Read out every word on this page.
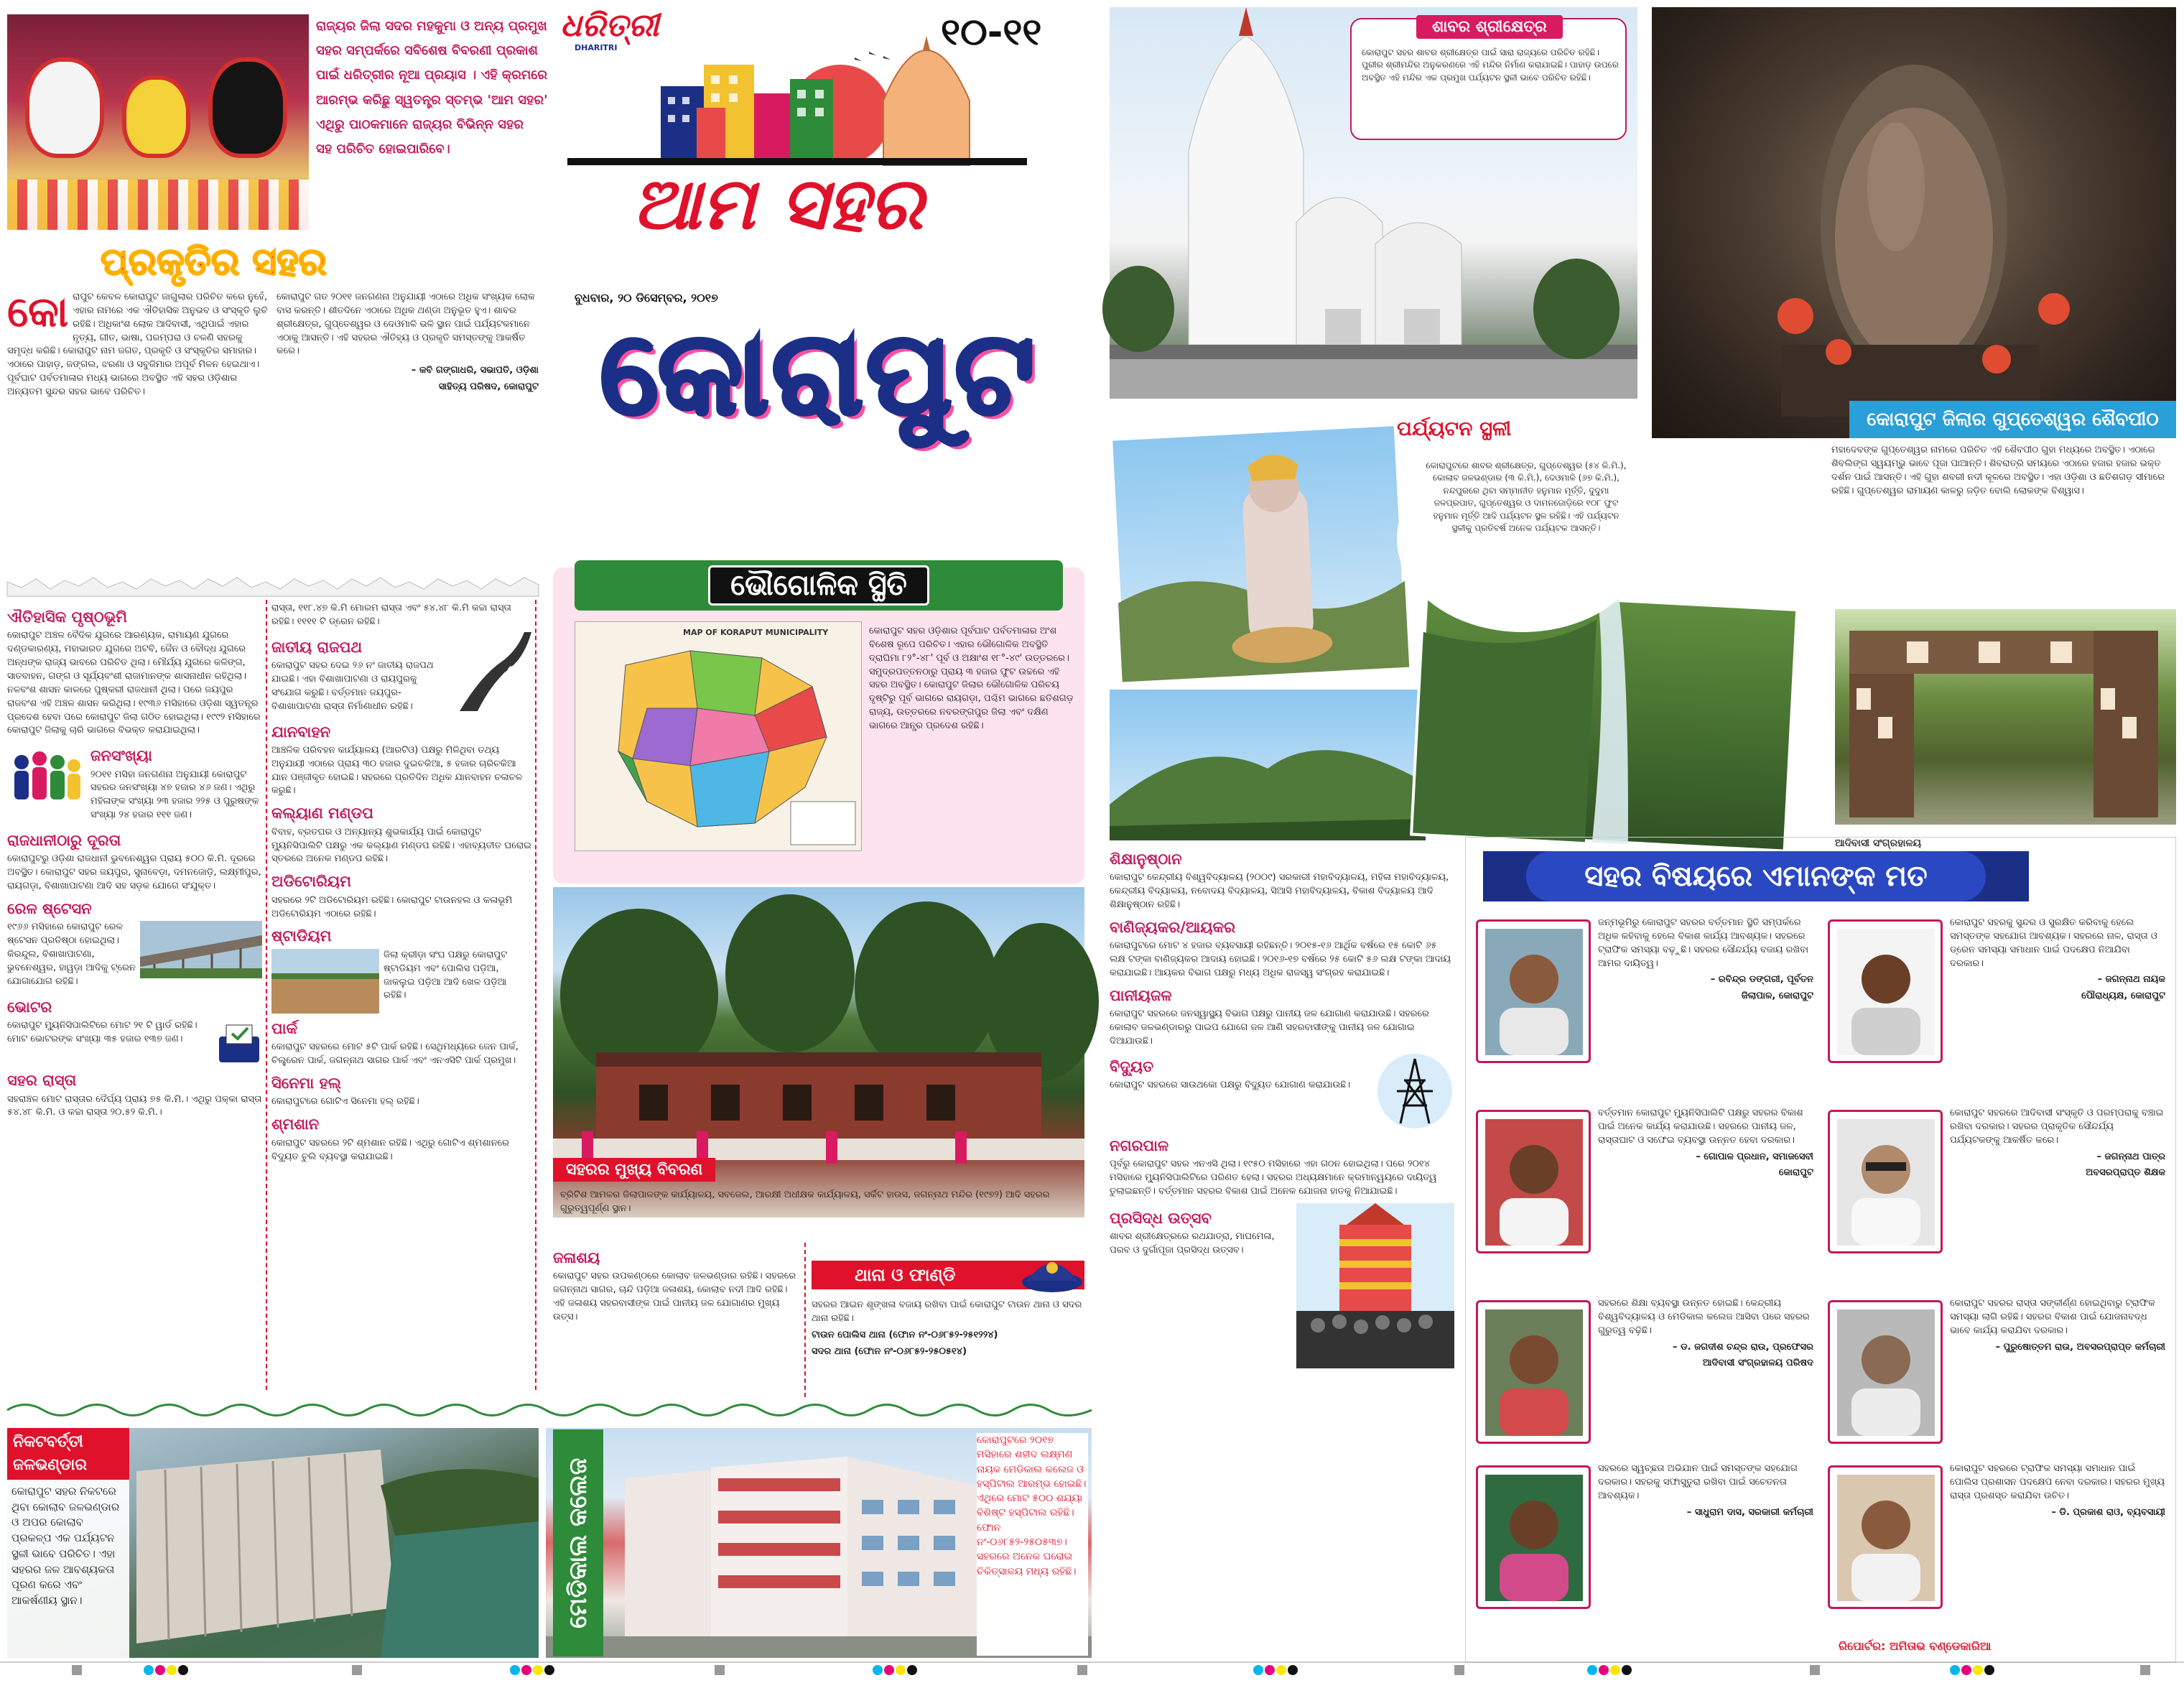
ରାଜ୍ୟର ଜିଲା ସଦର ମହକୁମା ଓ ଅନ୍ୟ ପ୍ରମୁଖ
ସହର ସମ୍ପର୍କରେ ସବିଶେଷ ବିବରଣୀ ପ୍ରକାଶ
ପାଇଁ ଧରିତ୍ରୀର ନୂଆ ପ୍ରୟାସ । ଏହି କ୍ରମରେ
ଆରମ୍ଭ କରିଛୁ ସ୍ୱତନ୍ତ୍ର ସ୍ତମ୍ଭ 'ଆମ ସହର'
ଏଥିରୁ ପାଠକମାନେ ରାଜ୍ୟର ବିଭିନ୍ନ ସହର
ସହ ପରିଚିତ ହୋଇପାରିବେ।
ପ୍ରକୃତିର ସହର
କୋରାପୁଟ କେବଳ କୋରାପୁଟ ଜାଗୁଲାର ପରିଚିତ କରେ ନୁହେଁ, ଏହାର ନାମରେ ଏକ ଐତିହାସିକ ଅନୁଭବ ଓ ସଂସ୍କୃତି ଲୁଚି ରହିଛି। ଅଧିକାଂଶ ଲୋକ ଆଦିବାସୀ, ଏଥିପାଇଁ ଏହାର ନୃତ୍ୟ, ଗୀତ, ଭାଷା, ପରମ୍ପରା ଓ ଚଳଣି ସହରକୁ ସମୃଦ୍ଧ କରିଛି। କୋରାପୁଟ ନାମ ଜଗତ, ପ୍ରକୃତି ଓ ସଂସ୍କୃତିର ସମାହାର। ଏଠାରେ ପାହାଡ଼, ଜଙ୍ଗଲ, ଝରଣା ଓ ସବୁଜିମାର ଅପୂର୍ବ ମିଳନ ହେଇଥାଏ। ପୂର୍ବଘାଟ ପର୍ବତମାଳାର ମଧ୍ୟ ଭାଗରେ ଅବସ୍ଥିତ ଏହି ସହର ଓଡ଼ିଶାର ଅନ୍ୟତମ ସୁନ୍ଦର ସହର ଭାବେ ପରିଚିତ।

କୋରାପୁଟ ଗତ ୨୦୧୧ ଜନଗଣନା ଅନୁଯାୟୀ ଏଠାରେ ଅଧିକ ସଂଖ୍ୟକ ଲୋକ ବାସ କରନ୍ତି। ଶୀତଦିନେ ଏଠାରେ ଅଧିକ ଥଣ୍ଡା ଅନୁଭୂତ ହୁଏ। ଶାବର ଶ୍ରୀକ୍ଷେତ୍ର, ଗୁପ୍ତେଶ୍ୱର ଓ ଦେଓମାଳି ଭଳି ସ୍ଥାନ ପାଇଁ ପର୍ଯ୍ୟଟକମାନେ ଏଠାକୁ ଆସନ୍ତି। ଏହି ସହରର ଐତିହ୍ୟ ଓ ପ୍ରକୃତି ସମସ୍ତଙ୍କୁ ଆକର୍ଷିତ କରେ।

– କବି ଗଙ୍ଗାଧରି, ସଭାପତି, ଓଡ଼ିଶା

ସାହିତ୍ୟ ପରିଷଦ, କୋରାପୁଟ

ଧରିତ୍ରୀ
DHARITRI	୧୦-୧୧
ଆମ ସହର
ବୁଧବାର, ୨୦ ଡିସେମ୍ବର, ୨୦୧୭
କୋରାପୁଟ
ଐତିହାସିକ ପୃଷ୍ଠଭୂମି

କୋରାପୁଟ ଅଞ୍ଚଳ ବୈଦିକ ଯୁଗରେ ଆରଣ୍ୟକ, ରାମାୟଣ ଯୁଗରେ ଦଣ୍ଡକାରଣ୍ୟ, ମହାଭାରତ ଯୁଗରେ ଅଟବି, ଜୈନ ଓ ବୌଦ୍ଧ ଯୁଗରେ ଅନ୍ଧଙ୍କ ରାଜ୍ୟ ଭାବରେ ପରିଚିତ ଥିଲା। ମୌର୍ଯ୍ୟ ଯୁଗରେ କଳିଙ୍ଗ, ସାତବାହନ, ଗଙ୍ଗ ଓ ସୂର୍ଯ୍ୟବଂଶୀ ରାଜାମାନଙ୍କ ଶାସନାଧୀନ ରହିଥିଲା। ନଳବଂଶ ଶାସନ କାଳରେ ପୁଷ୍କରୀ ରାଜଧାନୀ ଥିଲା। ପରେ ଜୟପୁର ରାଜବଂଶ ଏହି ଅଞ୍ଚଳ ଶାସନ କରିଥିଲା। ୧୯୩୬ ମସିହାରେ ଓଡ଼ିଶା ସ୍ୱତନ୍ତ୍ର ପ୍ରଦେଶ ହେବା ପରେ କୋରାପୁଟ ଜିଲା ଗଠିତ ହୋଇଥିଲା। ୧୯୯୨ ମସିହାରେ କୋରାପୁଟ ଜିଲାକୁ ଚାରି ଭାଗରେ ବିଭକ୍ତ କରାଯାଇଥିଲା।

ଜନସଂଖ୍ୟା

୨୦୧୧ ମସିହା ଜନଗଣନା ଅନୁଯାୟୀ କୋରାପୁଟ ସହରର ଜନସଂଖ୍ୟା ୪୭ ହଜାର ୪୬ ଜଣ। ଏଥିରୁ ମହିଳାଙ୍କ ସଂଖ୍ୟା ୨୩ ହଜାର ୨୨୫ ଓ ପୁରୁଷଙ୍କ ସଂଖ୍ୟା ୨୪ ହଜାର ୧୧୧ ଜଣ।

ରାଜଧାନୀଠାରୁ ଦୂରତା

କୋରାପୁଟରୁ ଓଡ଼ିଶା ରାଜଧାନୀ ଭୁବନେଶ୍ୱର ପ୍ରାୟ ୫୦୦ କି.ମି. ଦୂରରେ ଅବସ୍ଥିତ। କୋରାପୁଟ ସହର ଜୟପୁର, ସୁନାବେଡ଼ା, ଦମନଜୋଡ଼ି, ଲକ୍ଷ୍ମୀପୁର, ରାୟଗଡ଼ା, ବିଶାଖାପାଟଣା ଆଦି ସହ ସଡ଼କ ଯୋଗେ ସଂଯୁକ୍ତ।

ରେଳ ଷ୍ଟେସନ

୧୯୬୬ ମସିହାରେ କୋରାପୁଟ ରେଳ ଷ୍ଟେସନ ପ୍ରତିଷ୍ଠା ହୋଇଥିଲା। କିରନ୍ଦୁଲ, ବିଶାଖାପାଟଣା, ଭୁବନେଶ୍ୱର, ହାୱଡ଼ା ଆଦିକୁ ଟ୍ରେନ ଯୋଗାଯୋଗ ରହିଛି।

ଭୋଟର

କୋରାପୁଟ ମ୍ୟୁନିସିପାଲିଟିରେ ମୋଟ ୨୧ ଟି ୱାର୍ଡ ରହିଛି। ମୋଟ ଭୋଟରଙ୍କ ସଂଖ୍ୟା ୩୫ ହଜାର ୧୩୭ ଜଣ।

ସହର ରାସ୍ତା

ସହରାଞ୍ଚଳ ମୋଟ ରାସ୍ତାର ଦୈର୍ଘ୍ୟ ପ୍ରାୟ ୭୫ କି.ମି.। ଏଥିରୁ ପକ୍କା ରାସ୍ତା ୫୪.୪୮ କି.ମି. ଓ କଚ୍ଚା ରାସ୍ତା ୨୦.୫୨ କି.ମି.।

ରାସ୍ତା, ୧୧୮.୪୭ କି.ମି ମୋରମ ରାସ୍ତା ଏବଂ ୫୪.୪୮ କି.ମି କଚ୍ଚା ରାସ୍ତା ରହିଛି। ୧୧୧୧ ଟି ଡ୍ରେନ ରହିଛି।

ଜାତୀୟ ରାଜପଥ

କୋରାପୁଟ ସହର ଦେଇ ୨୬ ନଂ ଜାତୀୟ ରାଜପଥ ଯାଇଛି। ଏହା ବିଶାଖାପାଟଣା ଓ ରାୟପୁରକୁ ସଂଯୋଗ କରୁଛି। ବର୍ତ୍ତମାନ ଜୟପୁର-ବିଶାଖାପାଟଣା ରାସ୍ତା ନିର୍ମାଣାଧୀନ ରହିଛି।

ଯାନବାହନ

ଆଞ୍ଚଳିକ ପରିବହନ କାର୍ଯ୍ୟାଳୟ (ଆରଟିଓ) ପକ୍ଷରୁ ମିଳିଥିବା ତଥ୍ୟ ଅନୁଯାୟୀ ଏଠାରେ ପ୍ରାୟ ୩୦ ହଜାର ଦୁଇଚକିଆ, ୫ ହଜାର ଚାରିଚକିଆ ଯାନ ପଞ୍ଜୀକୃତ ହୋଇଛି। ସହରରେ ପ୍ରତିଦିନ ଅଧିକ ଯାନବାହନ ଚଳାଚଳ କରୁଛି।

କଲ୍ୟାଣ ମଣ୍ଡପ

ବିବାହ, ବ୍ରତଘର ଓ ଅନ୍ୟାନ୍ୟ ଶୁଭକାର୍ଯ୍ୟ ପାଇଁ କୋରାପୁଟ ମ୍ୟୁନିସିପାଲିଟି ପକ୍ଷରୁ ଏକ କଲ୍ୟାଣ ମଣ୍ଡପ ରହିଛି। ଏହାବ୍ୟତୀତ ଘରୋଇ ସ୍ତରରେ ଅନେକ ମଣ୍ଡପ ରହିଛି।

ଅଡିଟୋରିୟମ

ସହରରେ ୨ଟି ଅଡିଟୋରିୟମ ରହିଛି। କୋରାପୁଟ ଟାଉନହଲ ଓ କଳାଭୂମି ଅଡିଟୋରିୟମ ଏଠାରେ ରହିଛି।

ଷ୍ଟାଡିୟମ

ଜିଲା କ୍ରୀଡ଼ା ସଂଘ ପକ୍ଷରୁ କୋରାପୁଟ ଷ୍ଟାଡିୟମ ଏବଂ ପୋଲିସ ପଡ଼ିଆ, ଜାକଲୁଇ ପଡ଼ିଆ ଆଦି ଖେଳ ପଡ଼ିଆ ରହିଛି।

ପାର୍କ

କୋରାପୁଟ ସହରରେ ମୋଟ ୫ଟି ପାର୍କ ରହିଛି। ସେଥିମଧ୍ୟରେ ଜେନ ପାର୍କ, ଚିଲ୍ଡ୍ରେନ ପାର୍କ, ଜଗନ୍ନାଥ ସାଗର ପାର୍କ ଏବଂ ଏନଏସିଟି ପାର୍କ ପ୍ରମୁଖ।

ସିନେମା ହଲ୍

କୋରାପୁଟରେ ଗୋଟିଏ ସିନେମା ହଲ୍ ରହିଛି।

ଶ୍ମଶାନ

କୋରାପୁଟ ସହରରେ ୨ଟି ଶ୍ମଶାନ ରହିଛି। ଏଥିରୁ ଗୋଟିଏ ଶ୍ମଶାନରେ ବିଦ୍ୟୁତ ଚୁଲି ବ୍ୟବସ୍ଥା କରାଯାଇଛି।

ଭୌଗୋଳିକ ସ୍ଥିତି
MAP OF KORAPUT MUNICIPALITY	କୋରାପୁଟ ସହର ଓଡ଼ିଶାର ପୂର୍ବଘାଟ ପର୍ବତମାଳାର ଅଂଶ ବିଶେଷ ରୂପେ ପରିଚିତ। ଏହାର ଭୌଗୋଳିକ ଅବସ୍ଥିତି ଦ୍ରାଘିମା ୮୨°-୪୮' ପୂର୍ବ ଓ ଅକ୍ଷାଂଶ ୧୮°-୪୯' ଉତ୍ତରରେ। ସମୁଦ୍ରପତ୍ତନଠାରୁ ପ୍ରାୟ ୩ ହଜାର ଫୁଟ ଉଚ୍ଚରେ ଏହି ସହର ଅବସ୍ଥିତ। କୋରାପୁଟ ଜିଲାର ଭୌଗୋଳିକ ପରିଚୟ ଦୃଷ୍ଟିରୁ ପୂର୍ବ ଭାଗରେ ରାୟଗଡ଼ା, ପଶ୍ଚିମ ଭାଗରେ ଛତିଶଗଡ଼ ରାଜ୍ୟ, ଉତ୍ତରରେ ନବରଙ୍ଗପୁର ଜିଲା ଏବଂ ଦକ୍ଷିଣ ଭାଗରେ ଆନ୍ଧ୍ର ପ୍ରଦେଶ ରହିଛି।
ସହରର ମୁଖ୍ୟ ବିବରଣ
ବ୍ରିଟିଶ ଆମଳର ଜିଲାପାଳଙ୍କ କାର୍ଯ୍ୟାଳୟ, ସବଜେଲ, ଆରକ୍ଷୀ ଅଧୀକ୍ଷକ କାର୍ଯ୍ୟାଳୟ, ସର୍କିଟ ହାଉସ, ଜଗନ୍ନାଥ ମନ୍ଦିର (୧୯୭୨) ଆଦି ସହରର ଗୁରୁତ୍ୱପୂର୍ଣ୍ଣ ସ୍ଥାନ।
ଜଳାଶୟ

କୋରାପୁଟ ସହର ଉପକଣ୍ଠରେ କୋଲାବ ଜଳଭଣ୍ଡାର ରହିଛି। ସହରରେ ଜଗନ୍ନାଥ ସାଗର, ଚାନ୍ଦି ପଡ଼ିଆ ଜଳାଶୟ, କୋଲାବ ନଦୀ ଆଦି ରହିଛି। ଏହି ଜଳାଶୟ ସହରବାସୀଙ୍କ ପାଇଁ ପାନୀୟ ଜଳ ଯୋଗାଣର ମୁଖ୍ୟ ଉତ୍ସ।

ଥାନା ଓ ଫାଣ୍ଡି

ସହରର ଆଇନ ଶୃଙ୍ଖଳା ବଜାୟ ରଖିବା ପାଇଁ କୋରାପୁଟ ଟାଉନ ଥାନା ଓ ସଦର ଥାନା ରହିଛି।

ଟାଉନ ପୋଲିସ ଥାନା (ଫୋନ ନଂ-୦୬୮୫୨-୨୫୧୨୨୪)

ସଦର ଥାନା (ଫୋନ ନଂ-୦୬୮୫୨-୨୫୦୫୧୪)

ନିକଟବର୍ତ୍ତୀ
ଜଳଭଣ୍ଡାର

କୋରାପୁଟ ସହର ନିକଟରେ ଥିବା କୋଲାବ ଜଳଭଣ୍ଡାର ଓ ଅପର କୋଲାବ ପ୍ରକଳ୍ପ ଏକ ପର୍ଯ୍ୟଟନ ସ୍ଥଳୀ ଭାବେ ପରିଚିତ। ଏହା ସହରର ଜଳ ଆବଶ୍ୟକତା ପୂରଣ କରେ ଏବଂ ଆକର୍ଷଣୀୟ ସ୍ଥାନ।	ମେଡିକାଲ କଲେଜ

କୋରାପୁଟରେ ୨୦୧୭ ମସିହାରେ ଶହୀଦ ଲକ୍ଷ୍ମଣ ନାୟକ ମେଡିକାଲ କଲେଜ ଓ ହସ୍ପିଟାଲ ଆରମ୍ଭ ହୋଇଛି। ଏଥିରେ ମୋଟ ୫୦୦ ଶଯ୍ୟା ବିଶିଷ୍ଟ ହସ୍ପିଟାଲ ରହିଛି। ଫୋନ ନଂ-୦୬୮୫୨-୨୫୦୫୩୭। ସହରରେ ଅନେକ ଘରୋଇ ଚିକିତ୍ସାଳୟ ମଧ୍ୟ ରହିଛି।

ଶାବର ଶ୍ରୀକ୍ଷେତ୍ର
କୋରାପୁଟ ସହର ଶାବର ଶ୍ରୀକ୍ଷେତ୍ର ପାଇଁ ସାରା ରାଜ୍ୟରେ ପରିଚିତ ରହିଛି। ପୁରୀର ଶ୍ରୀମନ୍ଦିର ଅନୁକରଣରେ ଏହି ମନ୍ଦିର ନିର୍ମାଣ କରାଯାଇଛି। ପାହାଡ଼ ଉପରେ ଅବସ୍ଥିତ ଏହି ମନ୍ଦିର ଏକ ପ୍ରମୁଖ ପର୍ଯ୍ୟଟନ ସ୍ଥଳୀ ଭାବେ ପରିଚିତ ରହିଛି।
କୋରାପୁଟ ଜିଲାର ଗୁପ୍ତେଶ୍ୱର ଶୈବପୀଠ
ମହାଦେବଙ୍କ ଗୁପ୍ତେଶ୍ୱର ନାମରେ ପରିଚିତ ଏହି ଶୈବପୀଠ ଗୁହା ମଧ୍ୟରେ ଅବସ୍ଥିତ। ଏଠାରେ ଶିବଲିଙ୍ଗ ସ୍ୱୟମ୍ଭୁ ଭାବେ ପୂଜା ପାଆନ୍ତି। ଶିବରାତ୍ରି ସମୟରେ ଏଠାରେ ହଜାର ହଜାର ଭକ୍ତ ଦର୍ଶନ ପାଇଁ ଆସନ୍ତି। ଏହି ଗୁହା ଶବରୀ ନଦୀ କୂଳରେ ଅବସ୍ଥିତ। ଏହା ଓଡ଼ିଶା ଓ ଛତିଶଗଡ଼ ସୀମାରେ ରହିଛି। ଗୁପ୍ତେଶ୍ୱର ରାମାୟଣ କାଳରୁ ଜଡ଼ିତ ବୋଲି ଲୋକଙ୍କ ବିଶ୍ୱାସ।
ପର୍ଯ୍ୟଟନ ସ୍ଥଳୀ
କୋରାପୁଟରେ ଶାବର ଶ୍ରୀକ୍ଷେତ୍ର, ଗୁପ୍ତେଶ୍ୱର (୫୪ କି.ମି.), କୋଲାବ ଜଳଭଣ୍ଡାର (୩ କି.ମି.), ଦେଓମାଳି (୬୭ କି.ମି.), ନନ୍ଦପୁରରେ ଥିବା ସମ୍ମାନୀତ ହନୁମାନ ମୂର୍ତ୍ତି, ଦୁଦୁମା ଜଳପ୍ରପାତ, ଗୁପ୍ତେଶ୍ୱର ଓ ଦାମନଜୋଡ଼ିରେ ୧୦୮ ଫୁଟ ହନୁମାନ ମୂର୍ତ୍ତି ଆଦି ପର୍ଯ୍ୟଟନ ସ୍ଥଳ ରହିଛି। ଏହି ପର୍ଯ୍ୟଟନ ସ୍ଥଳୀକୁ ପ୍ରତିବର୍ଷ ଅନେକ ପର୍ଯ୍ୟଟକ ଆସନ୍ତି।
ଆଦିବାସୀ ସଂଗ୍ରହାଳୟ
ଶିକ୍ଷାନୁଷ୍ଠାନ

କୋରାପୁଟ କେନ୍ଦ୍ରୀୟ ବିଶ୍ୱବିଦ୍ୟାଳୟ (୨୦୦୯) ସରକାରୀ ମହାବିଦ୍ୟାଳୟ, ମହିଳା ମହାବିଦ୍ୟାଳୟ, କେନ୍ଦ୍ରୀୟ ବିଦ୍ୟାଳୟ, ନବୋଦୟ ବିଦ୍ୟାଳୟ, ସିଆସି ମହାବିଦ୍ୟାଳୟ, ବିକାଶ ବିଦ୍ୟାଳୟ ଆଦି ଶିକ୍ଷାନୁଷ୍ଠାନ ରହିଛି।

ବାଣିଜ୍ୟକର/ଆୟକର

କୋରାପୁଟରେ ମୋଟ ୪ ହଜାର ବ୍ୟବସାୟୀ ରହିଛନ୍ତି। ୨୦୧୫-୧୬ ଆର୍ଥିକ ବର୍ଷରେ ୧୫ କୋଟି ୬୫ ଲକ୍ଷ ଟଙ୍କା ବାଣିଜ୍ୟକର ଆଦାୟ ହୋଇଛି। ୨୦୧୬-୧୭ ବର୍ଷରେ ୨୫ କୋଟି ୫୬ ଲକ୍ଷ ଟଙ୍କା ଆଦାୟ କରାଯାଇଛି। ଆୟକର ବିଭାଗ ପକ୍ଷରୁ ମଧ୍ୟ ଅଧିକ ରାଜସ୍ୱ ସଂଗ୍ରହ କରାଯାଇଛି।

ପାନୀୟଜଳ

କୋରାପୁଟ ସହରରେ ଜନସ୍ୱାସ୍ଥ୍ୟ ବିଭାଗ ପକ୍ଷରୁ ପାନୀୟ ଜଳ ଯୋଗାଣ କରାଯାଉଛି। ସହରରେ କୋଲାବ ଜଳଭଣ୍ଡାରରୁ ପାଇପ ଯୋଗେ ଜଳ ଆଣି ସହରବାସୀଙ୍କୁ ପାନୀୟ ଜଳ ଯୋଗାଇ ଦିଆଯାଉଛି।

ବିଦ୍ୟୁତ

କୋରାପୁଟ ସହରରେ ସାଉଥକୋ ପକ୍ଷରୁ ବିଦ୍ୟୁତ ଯୋଗାଣ କରାଯାଉଛି।

ନଗରପାଳ

ପୂର୍ବରୁ କୋରାପୁଟ ସହର ଏନଏସି ଥିଲା। ୧୯୫୦ ମସିହାରେ ଏହା ଗଠନ ହୋଇଥିଲା। ପରେ ୨୦୧୪ ମସିହାରେ ମ୍ୟୁନିସିପାଲିଟିରେ ପରିଣତ ହେଲା। ସହରର ଅଧ୍ୟକ୍ଷମାନେ କ୍ରମାନ୍ୱୟରେ ଦାୟିତ୍ୱ ତୁଲାଇଛନ୍ତି। ବର୍ତ୍ତମାନ ସହରର ବିକାଶ ପାଇଁ ଅନେକ ଯୋଜନା ହାତକୁ ନିଆଯାଇଛି।

ପ୍ରସିଦ୍ଧ ଉତ୍ସବ

ଶାବର ଶ୍ରୀକ୍ଷେତ୍ରରେ ରଥଯାତ୍ରା, ମାଘମେଳା, ପରବ ଓ ଦୁର୍ଗାପୂଜା ପ୍ରସିଦ୍ଧ ଉତ୍ସବ।

ସହର ବିଷୟରେ ଏମାନଙ୍କ ମତ

ଜନ୍ମଭୂମିରୁ କୋରାପୁଟ ସହରର ବର୍ତ୍ତମାନ ସ୍ଥିତି ସମ୍ପର୍କରେ ଅଧିକ କହିବାକୁ ହେଲେ ବିକାଶ କାର୍ଯ୍ୟ ଆବଶ୍ୟକ। ସହରରେ ଟ୍ରାଫିକ ସମସ୍ୟା ବଢ଼ୁଛି। ସହରର ସୌନ୍ଦର୍ଯ୍ୟ ବଜାୟ ରଖିବା ଆମର ଦାୟିତ୍ୱ।

– ରବିନ୍ଦ୍ର ଡଙ୍ଗରୀ, ପୂର୍ବତନ

ଜିଲାପାଳ, କୋରାପୁଟ

ବର୍ତ୍ତମାନ କୋରାପୁଟ ମ୍ୟୁନିସିପାଲିଟି ପକ୍ଷରୁ ସହରର ବିକାଶ ପାଇଁ ଅନେକ କାର୍ଯ୍ୟ କରାଯାଉଛି। ସହରରେ ପାନୀୟ ଜଳ, ରାସ୍ତାଘାଟ ଓ ସଫେଇ ବ୍ୟବସ୍ଥା ଉନ୍ନତ ହେବା ଦରକାର।

– ଗୋପାଳ ପ୍ରଧାନ, ସମାଜସେବୀ

କୋରାପୁଟ

ସହରରେ ଶିକ୍ଷା ବ୍ୟବସ୍ଥା ଉନ୍ନତ ହୋଇଛି। କେନ୍ଦ୍ରୀୟ ବିଶ୍ୱବିଦ୍ୟାଳୟ ଓ ମେଡିକାଲ କଲେଜ ଆସିବା ପରେ ସହରର ଗୁରୁତ୍ୱ ବଢ଼ିଛି।

– ଡ. ଜଗଦୀଶ ଚନ୍ଦ୍ର ରାଉ, ପ୍ରଫେସର

ଆଦିବାସୀ ସଂଗ୍ରହାଳୟ ପରିଷଦ

ସହରରେ ସ୍ୱଚ୍ଛତା ଅଭିଯାନ ପାଇଁ ସମସ୍ତଙ୍କ ସହଯୋଗ ଦରକାର। ସହରକୁ ସଫାସୁତୁରା ରଖିବା ପାଇଁ ସଚେତନତା ଆବଶ୍ୟକ।

– ସାଧୁରାମ ଦାସ, ସରକାରୀ କର୍ମଚାରୀ

କୋରାପୁଟ ସହରକୁ ସୁନ୍ଦର ଓ ସୁରକ୍ଷିତ କରିବାକୁ ହେଲେ ସମସ୍ତଙ୍କ ସହଯୋଗ ଆବଶ୍ୟକ। ସହରରେ ନାଳ, ରାସ୍ତା ଓ ଡ୍ରେନ ସମସ୍ୟା ସମାଧାନ ପାଇଁ ପଦକ୍ଷେପ ନିଆଯିବା ଦରକାର।

– ଜଗନ୍ନାଥ ନାୟକ

ପୌରାଧ୍ୟକ୍ଷ, କୋରାପୁଟ

କୋରାପୁଟ ସହରରେ ଆଦିବାସୀ ସଂସ୍କୃତି ଓ ପରମ୍ପରାକୁ ବଞ୍ଚାଇ ରଖିବା ଦରକାର। ସହରର ପ୍ରାକୃତିକ ସୌନ୍ଦର୍ଯ୍ୟ ପର୍ଯ୍ୟଟକଙ୍କୁ ଆକର୍ଷିତ କରେ।

– ଜଗନ୍ନାଥ ପାତ୍ର

ଅବସରପ୍ରାପ୍ତ ଶିକ୍ଷକ

କୋରାପୁଟ ସହରର ରାସ୍ତା ସଙ୍କୀର୍ଣ୍ଣ ହୋଇଥିବାରୁ ଟ୍ରାଫିକ ସମସ୍ୟା ଲାଗି ରହିଛି। ସହରର ବିକାଶ ପାଇଁ ଯୋଜନାବଦ୍ଧ ଭାବେ କାର୍ଯ୍ୟ କରାଯିବା ଦରକାର।

– ପୁରୁଷୋତ୍ତମ ରାଉ, ଅବସରପ୍ରାପ୍ତ କର୍ମଚାରୀ

କୋରାପୁଟ ସହରରେ ଟ୍ରାଫିକ ସମସ୍ୟା ସମାଧାନ ପାଇଁ ପୋଲିସ ପ୍ରଶାସନ ପଦକ୍ଷେପ ନେବା ଦରକାର। ସହରର ମୁଖ୍ୟ ରାସ୍ତା ପ୍ରଶସ୍ତ କରାଯିବା ଉଚିତ।

– ଡି. ପ୍ରକାଶ ରାଓ, ବ୍ୟବସାୟୀ

ରିପୋର୍ଟର: ଅମିତାଭ ବଣ୍ଡେକାରିଆ
